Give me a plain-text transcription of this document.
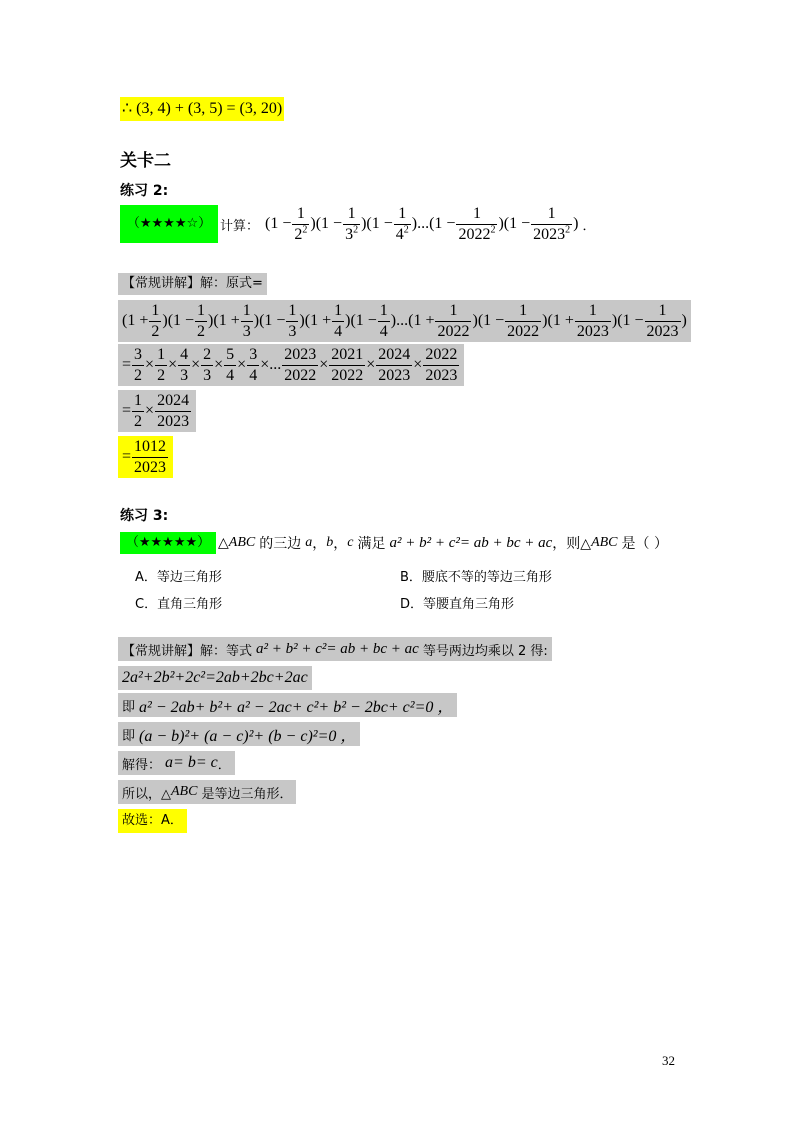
∴ (3, 4) + (3, 5) = (3, 20)
关卡二
练习 2:
（★★★★☆） 计算： $(1 - \frac{1}{2^2} )(1 - \frac{1}{3^2} )(1 - \frac{1}{4^2} )...(1 - \frac{1}{2022^2} )(1 - \frac{1}{2023^2}$ ) ．
【常规讲解】解：原式=
$(1 + \frac{1}{2} )(1 - \frac{1}{2} )(1 + \frac{1}{3} )(1 - \frac{1}{3} )(1 + \frac{1}{4} )(1 - \frac{1}{4} )...(1 + \frac{1}{2022} )(1 - \frac{1}{2022} )(1 + \frac{1}{2023} )(1 - \frac{1}{2023}$ )
= $\frac{3}{2} \times \frac{1}{2} \times \frac{4}{3} \times \frac{2}{3} \times \frac{5}{4} \times \frac{3}{4}$ ×... $\frac{2023}{2022} \times \frac{2021}{2022} \times \frac{2024}{2023} \times \frac{2022}{2023}$
= $\frac{1}{2} \times \frac{2024}{2023}$
= $\frac{1012}{2023}$
练习 3:
（★★★★★） △ ABC 的三边 a ， b ， c 满足 a² + b² + c²= ab + bc + ac ，则△ ABC 是（ ）
A．等边三角形	B．腰底不等的等边三角形
C．直角三角形	D．等腰直角三角形
【常规讲解】解：等式 a² + b² + c²= ab + bc + ac 等号两边均乘以 2 得:
2a²+2b²+2c²=2ab+2bc+2ac
即 a² − 2ab+ b²+ a² − 2ac+ c²+ b² − 2bc+ c²=0 ，
即 (a − b)²+ (a − c)²+ (b − c)²=0 ，
解得： a= b= c ．
所以，△ ABC 是等边三角形．
故选：A．
32
